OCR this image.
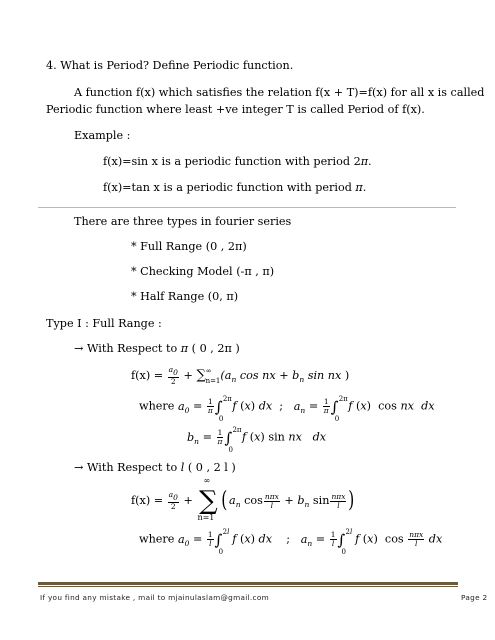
4. What is Period? Define Periodic function.
A function f(x) which satisfies the relation f(x + T)=f(x) for all x is called
Periodic function where least +ve integer T is called Period of f(x).
Example :
f(x)=sin x is a periodic function with period 2π.
f(x)=tan x is a periodic function with period π.
There are three types in fourier series
* Full Range (0 , 2π)
* Checking Model (-π , π)
* Half Range (0, π)
Type I : Full Range :
→ With Respect to π ( 0 , 2π )
$f(x) = \frac{a0}{2} + \sum^\infty_{n=1}(a_n$ cos nx + $b_n$ sin nx )
where $a_0 = \frac{1}{\pi}$ ∫ 2π
0
f (x) dx  ;   $a_n = \frac{1}{\pi}$ ∫ 2π
0
f (x)  cos nx  dx
$b_n = \frac{1}{\pi}$ ∫ 2π
0
f (x) sin nx   dx
→ With Respect to l ( 0 , 2 l )
$f(x) = \frac{a0}{2}$ + ∑
∞
n=1
($a_n$ $\cos \frac{\text{nπx}}{l} + b_n$ $\sin \frac{\text{nπx}}{l}$ )
where $a_0 = \frac{1}{l}$ ∫ 2l
0
f (x) dx    ;   $a_n = \frac{1}{l}$ ∫ 2l
0
f (x)  $\cos \frac{\text{nπx}}{l}$ dx
If you find any mistake , mail to mjainulaslam@gmail.com	Page 2
